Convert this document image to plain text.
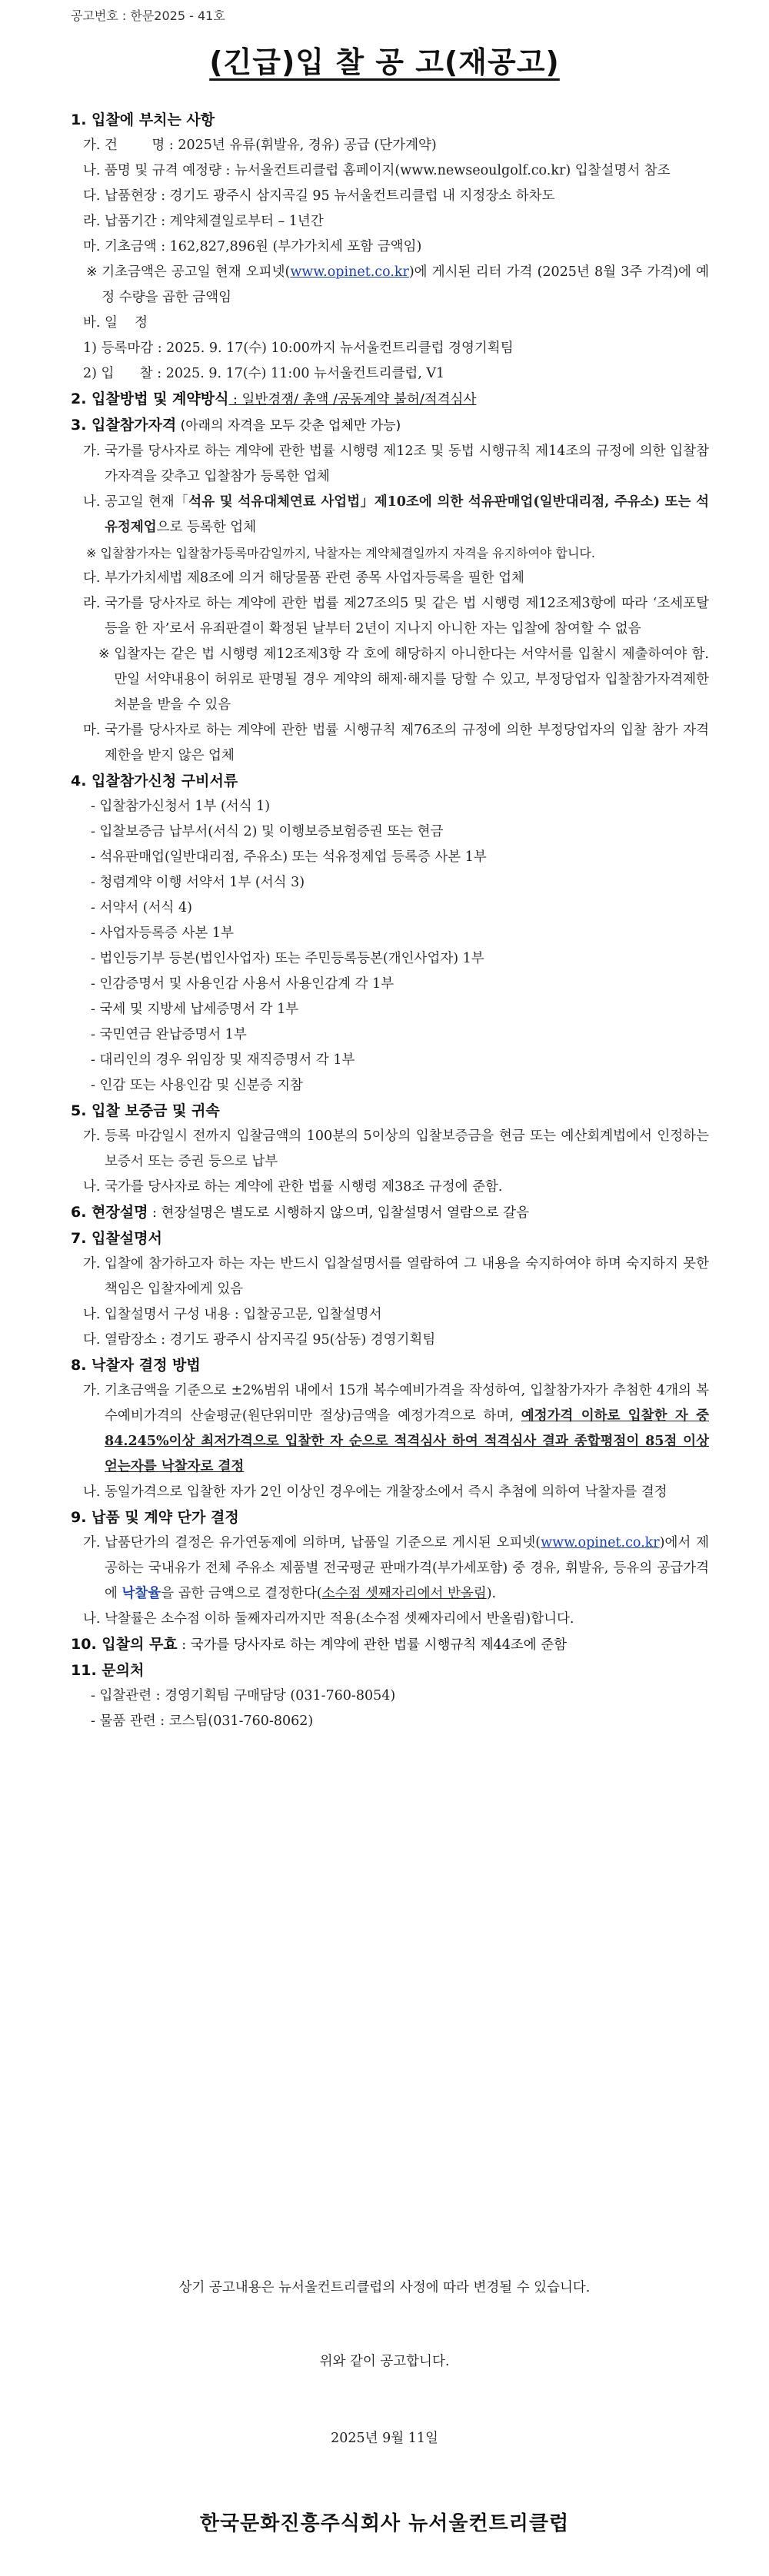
공고번호 : 한문2025 - 41호
(긴급)입 찰 공 고(재공고)
1. 입찰에 부치는 사항
가. 건        명 : 2025년 유류(휘발유, 경유) 공급 (단가계약)
나. 품명 및 규격 예정량 : 뉴서울컨트리클럽 홈페이지(www.newseoulgolf.co.kr) 입찰설명서 참조
다. 납품현장 : 경기도 광주시 삼지곡길 95 뉴서울컨트리클럽 내 지정장소 하차도
라. 납품기간 : 계약체결일로부터 – 1년간
마. 기초금액 : 162,827,896원 (부가가치세 포함 금액임)
※ 기초금액은 공고일 현재 오피넷(www.opinet.co.kr)에 게시된 리터 가격 (2025년 8월 3주 가격)에 예정 수량을 곱한 금액임
바. 일    정
1) 등록마감 : 2025. 9. 17(수) 10:00까지 뉴서울컨트리클럽 경영기획팀
2) 입      찰 : 2025. 9. 17(수) 11:00 뉴서울컨트리클럽, V1
2. 입찰방법 및 계약방식 : 일반경쟁/ 총액 /공동계약 불허/적격심사
3. 입찰참가자격 (아래의 자격을 모두 갖춘 업체만 가능)
가. 국가를 당사자로 하는 계약에 관한 법률 시행령 제12조 및 동법 시행규칙 제14조의 규정에 의한 입찰참가자격을 갖추고 입찰참가 등록한 업체
나. 공고일 현재「석유 및 석유대체연료 사업법」제10조에 의한 석유판매업(일반대리점, 주유소) 또는 석유정제업으로 등록한 업체
※ 입찰참가자는 입찰참가등록마감일까지, 낙찰자는 계약체결일까지 자격을 유지하여야 합니다.
다. 부가가치세법 제8조에 의거 해당물품 관련 종목 사업자등록을 필한 업체
라. 국가를 당사자로 하는 계약에 관한 법률 제27조의5 및 같은 법 시행령 제12조제3항에 따라 ‘조세포탈 등을 한 자’로서 유죄판결이 확정된 날부터 2년이 지나지 아니한 자는 입찰에 참여할 수 없음
※ 입찰자는 같은 법 시행령 제12조제3항 각 호에 해당하지 아니한다는 서약서를 입찰시 제출하여야 함. 만일 서약내용이 허위로 판명될 경우 계약의 해제·해지를 당할 수 있고, 부정당업자 입찰참가자격제한처분을 받을 수 있음
마. 국가를 당사자로 하는 계약에 관한 법률 시행규칙 제76조의 규정에 의한 부정당업자의 입찰 참가 자격제한을 받지 않은 업체
4. 입찰참가신청 구비서류
- 입찰참가신청서 1부 (서식 1)
- 입찰보증금 납부서(서식 2) 및 이행보증보험증권 또는 현금
- 석유판매업(일반대리점, 주유소) 또는 석유정제업 등록증 사본 1부
- 청렴계약 이행 서약서 1부 (서식 3)
- 서약서 (서식 4)
- 사업자등록증 사본 1부
- 법인등기부 등본(법인사업자) 또는 주민등록등본(개인사업자) 1부
- 인감증명서 및 사용인감 사용서 사용인감계 각 1부
- 국세 및 지방세 납세증명서 각 1부
- 국민연금 완납증명서 1부
- 대리인의 경우 위임장 및 재직증명서 각 1부
- 인감 또는 사용인감 및 신분증 지참
5. 입찰 보증금 및 귀속
가. 등록 마감일시 전까지 입찰금액의 100분의 5이상의 입찰보증금을 현금 또는 예산회계법에서 인정하는 보증서 또는 증권 등으로 납부
나. 국가를 당사자로 하는 계약에 관한 법률 시행령 제38조 규정에 준함.
6. 현장설명 : 현장설명은 별도로 시행하지 않으며, 입찰설명서 열람으로 갈음
7. 입찰설명서
가. 입찰에 참가하고자 하는 자는 반드시 입찰설명서를 열람하여 그 내용을 숙지하여야 하며 숙지하지 못한 책임은 입찰자에게 있음
나. 입찰설명서 구성 내용 : 입찰공고문, 입찰설명서
다. 열람장소 : 경기도 광주시 삼지곡길 95(삼동) 경영기획팀
8. 낙찰자 결정 방법
가. 기초금액을 기준으로 ±2%범위 내에서 15개 복수예비가격을 작성하여, 입찰참가자가 추첨한 4개의 복수예비가격의 산술평균(원단위미만 절상)금액을 예정가격으로 하며, 예정가격 이하로 입찰한 자 중 84.245%이상 최저가격으로 입찰한 자 순으로 적격심사 하여 적격심사 결과 종합평점이 85점 이상 얻는자를 낙찰자로 결정
나. 동일가격으로 입찰한 자가 2인 이상인 경우에는 개찰장소에서 즉시 추첨에 의하여 낙찰자를 결정
9. 납품 및 계약 단가 결정
가. 납품단가의 결정은 유가연동제에 의하며, 납품일 기준으로 게시된 오피넷(www.opinet.co.kr)에서 제공하는 국내유가 전체 주유소 제품별 전국평균 판매가격(부가세포함) 중 경유, 휘발유, 등유의 공급가격에 낙찰율을 곱한 금액으로 결정한다(소수점 셋째자리에서 반올림).
나. 낙찰률은 소수점 이하 둘째자리까지만 적용(소수점 셋째자리에서 반올림)합니다.
10. 입찰의 무효 : 국가를 당사자로 하는 계약에 관한 법률 시행규칙 제44조에 준함
11. 문의처
- 입찰관련 : 경영기획팀 구매담당 (031-760-8054)
- 물품 관련 : 코스팀(031-760-8062)
상기 공고내용은 뉴서울컨트리클럽의 사정에 따라 변경될 수 있습니다.
위와 같이 공고합니다.
2025년 9월 11일
한국문화진흥주식회사 뉴서울컨트리클럽
